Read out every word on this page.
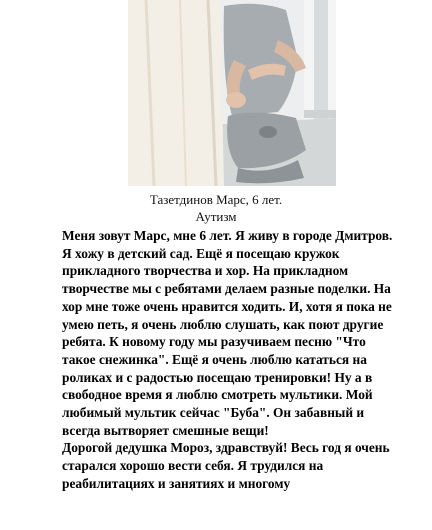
Тазетдинов Марс, 6 лет.
Аутизм

Меня зовут Марс, мне 6 лет. Я живу в городе Дмитров. Я хожу в детский сад. Ещё я посещаю кружок прикладного творчества и хор. На прикладном творчестве мы с ребятами делаем разные поделки. На хор мне тоже очень нравится ходить. И, хотя я пока не умею петь, я очень люблю слушать, как поют другие ребята. К новому году мы разучиваем песню "Что такое снежинка". Ещё я очень люблю кататься на роликах и с радостью посещаю тренировки! Ну а в свободное время я люблю смотреть мультики. Мой любимый мультик сейчас "Буба". Он забавный и всегда вытворяет смешные вещи!

Дорогой дедушка Мороз, здравствуй! Весь год я очень старался хорошо вести себя. Я трудился на реабилитациях и занятиях и многому
